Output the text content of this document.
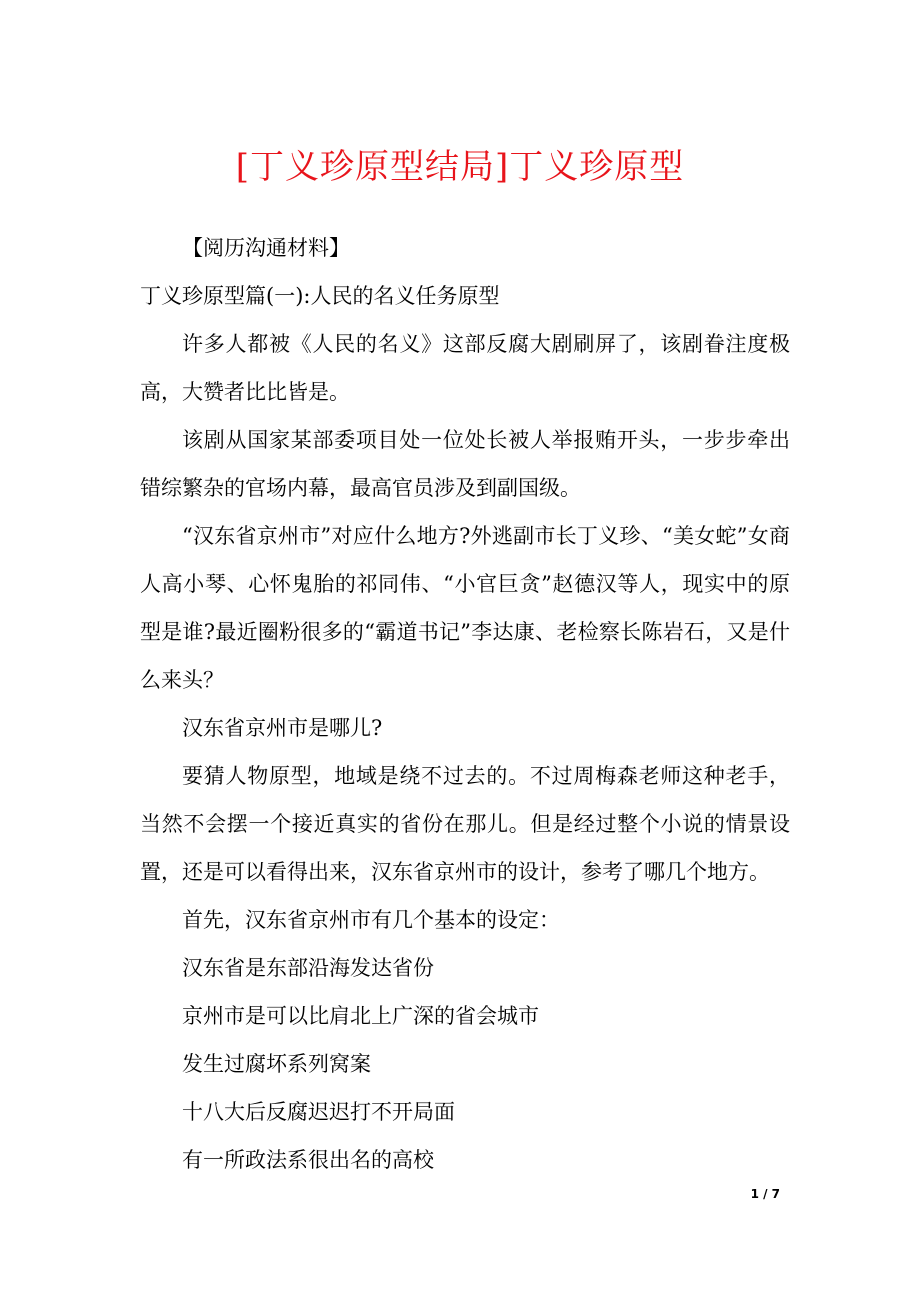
[丁义珍原型结局]丁义珍原型

【阅历沟通材料】

丁义珍原型篇(一):人民的名义任务原型

许多人都被《人民的名义》这部反腐大剧刷屏了，该剧眷注度极高，大赞者比比皆是。

该剧从国家某部委项目处一位处长被人举报贿开头，一步步牵出错综繁杂的官场内幕，最高官员涉及到副国级。

“汉东省京州市”对应什么地方?外逃副市长丁义珍、“美女蛇”女商人高小琴、心怀鬼胎的祁同伟、“小官巨贪”赵德汉等人，现实中的原型是谁?最近圈粉很多的“霸道书记”李达康、老检察长陈岩石，又是什么来头？

汉东省京州市是哪儿?

要猜人物原型，地域是绕不过去的。不过周梅森老师这种老手，当然不会摆一个接近真实的省份在那儿。但是经过整个小说的情景设置，还是可以看得出来，汉东省京州市的设计，参考了哪几个地方。

首先，汉东省京州市有几个基本的设定：

汉东省是东部沿海发达省份

京州市是可以比肩北上广深的省会城市

发生过腐坏系列窝案

十八大后反腐迟迟打不开局面

有一所政法系很出名的高校

1 / 7
